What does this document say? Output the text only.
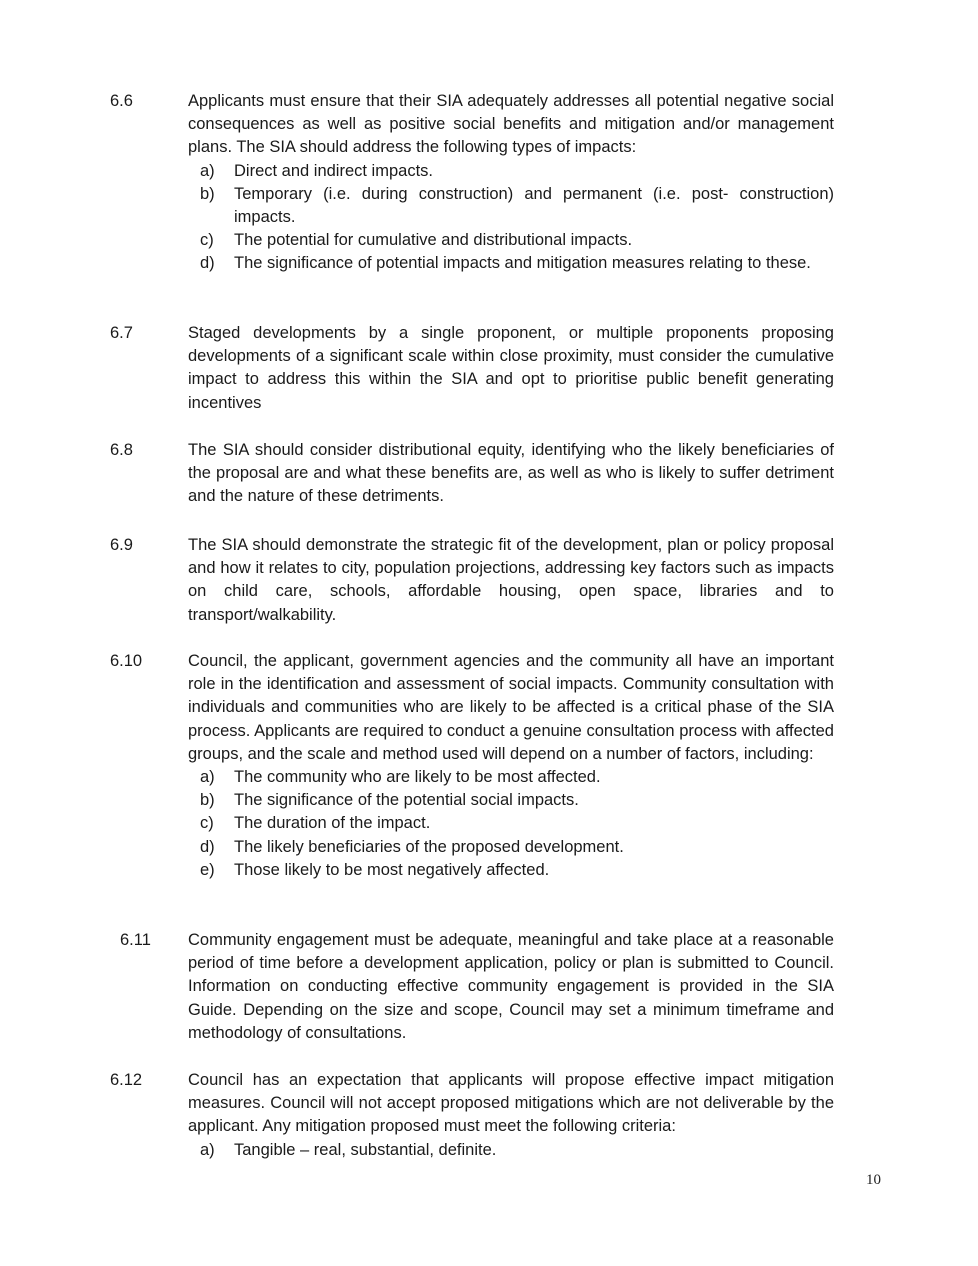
6.6	Applicants must ensure that their SIA adequately addresses all potential negative social consequences as well as positive social benefits and mitigation and/or management plans. The SIA should address the following types of impacts:

a) Direct and indirect impacts.
b) Temporary (i.e. during construction) and permanent (i.e. post- construction) impacts.
c) The potential for cumulative and distributional impacts.
d) The significance of potential impacts and mitigation measures relating to these.
6.7	Staged developments by a single proponent, or multiple proponents proposing developments of a significant scale within close proximity, must consider the cumulative impact to address this within the SIA and opt to prioritise public benefit generating incentives

6.8	The SIA should consider distributional equity, identifying who the likely beneficiaries of the proposal are and what these benefits are, as well as who is likely to suffer detriment and the nature of these detriments.

6.9	The SIA should demonstrate the strategic fit of the development, plan or policy proposal and how it relates to city, population projections, addressing key factors such as impacts on child care, schools, affordable housing, open space, libraries and to transport/walkability.

6.10	Council, the applicant, government agencies and the community all have an important role in the identification and assessment of social impacts. Community consultation with individuals and communities who are likely to be affected is a critical phase of the SIA process. Applicants are required to conduct a genuine consultation process with affected groups, and the scale and method used will depend on a number of factors, including:

a) The community who are likely to be most affected.
b) The significance of the potential social impacts.
c) The duration of the impact.
d) The likely beneficiaries of the proposed development.
e) Those likely to be most negatively affected.
6.11 Community engagement must be adequate, meaningful and take place at a reasonable period of time before a development application, policy or plan is submitted to Council. Information on conducting effective community engagement is provided in the SIA Guide. Depending on the size and scope, Council may set a minimum timeframe and methodology of consultations.

6.12	Council has an expectation that applicants will propose effective impact mitigation measures. Council will not accept proposed mitigations which are not deliverable by the applicant. Any mitigation proposed must meet the following criteria:

a) Tangible – real, substantial, definite.
10
